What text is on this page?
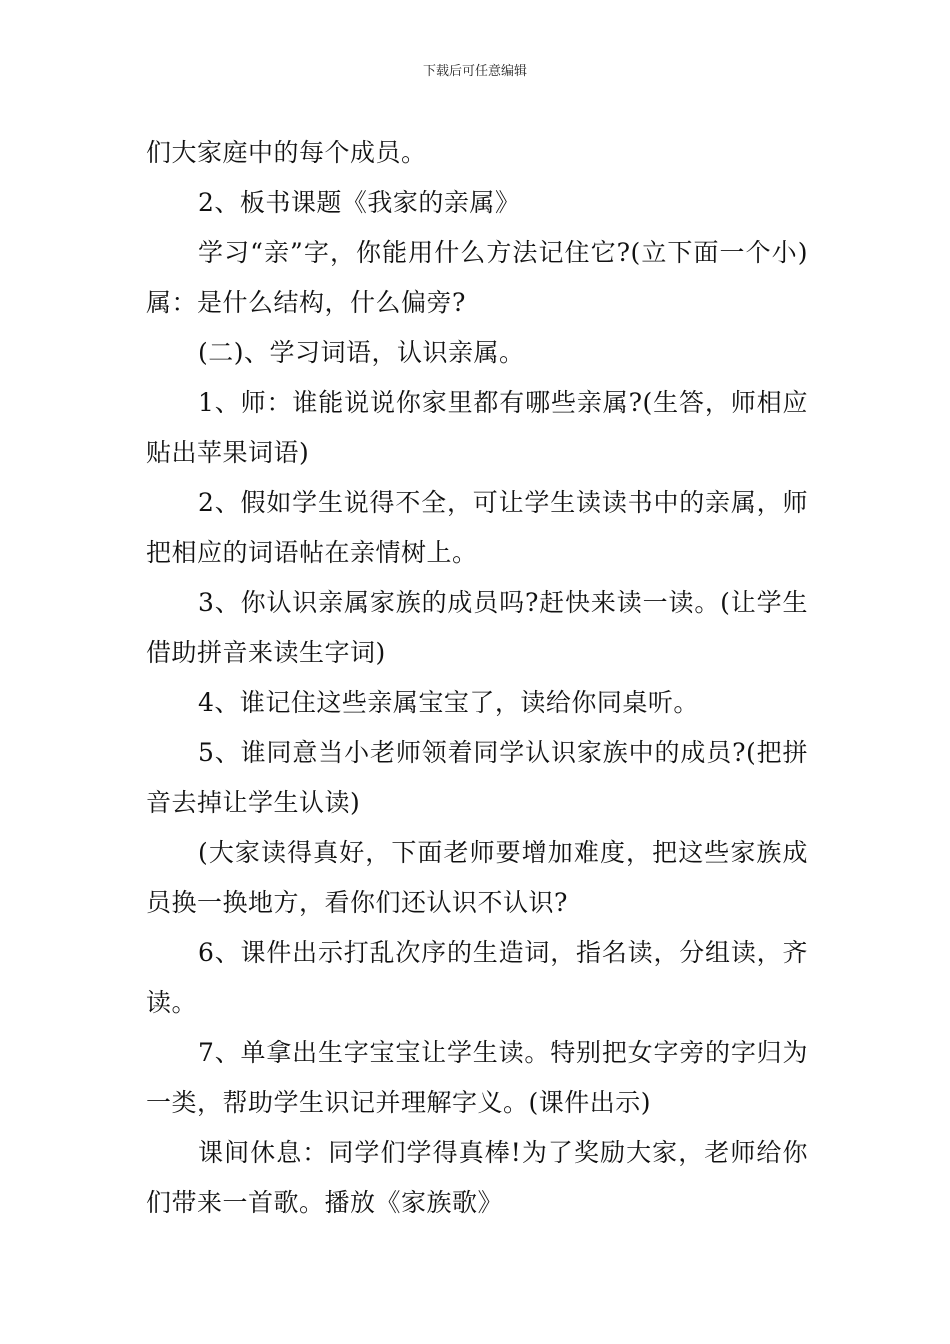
下载后可任意编辑

们大家庭中的每个成员。

2、板书课题《我家的亲属》

学习“亲”字，你能用什么方法记住它?(立下面一个小)属：是什么结构，什么偏旁?

(二)、学习词语，认识亲属。

1、师：谁能说说你家里都有哪些亲属?(生答，师相应贴出苹果词语)

2、假如学生说得不全，可让学生读读书中的亲属，师把相应的词语帖在亲情树上。

3、你认识亲属家族的成员吗?赶快来读一读。(让学生借助拼音来读生字词)

4、谁记住这些亲属宝宝了，读给你同桌听。

5、谁同意当小老师领着同学认识家族中的成员?(把拼音去掉让学生认读)

(大家读得真好，下面老师要增加难度，把这些家族成员换一换地方，看你们还认识不认识?

6、课件出示打乱次序的生造词，指名读，分组读，齐读。

7、单拿出生字宝宝让学生读。特别把女字旁的字归为一类，帮助学生识记并理解字义。(课件出示)

课间休息：同学们学得真棒!为了奖励大家，老师给你们带来一首歌。播放《家族歌》
